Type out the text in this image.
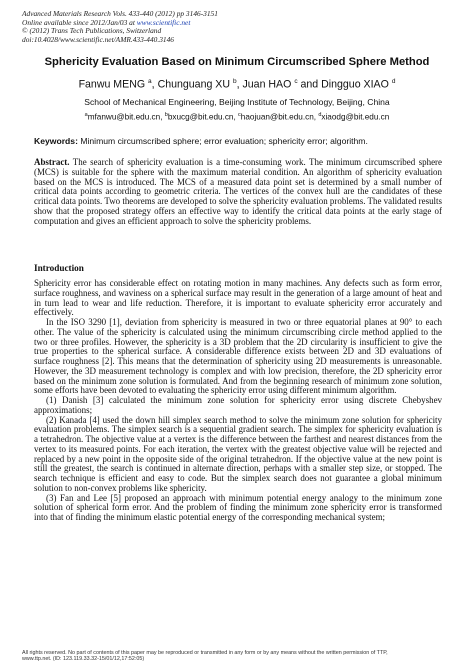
Advanced Materials Research Vols. 433-440 (2012) pp 3146-3151
Online available since 2012/Jan/03 at www.scientific.net
© (2012) Trans Tech Publications, Switzerland
doi:10.4028/www.scientific.net/AMR.433-440.3146
Sphericity Evaluation Based on Minimum Circumscribed Sphere Method
Fanwu MENG $^a$, Chunguang XU $^b$, Juan HAO $^c$ and Dingguo XIAO $^d$
School of Mechanical Engineering, Beijing Institute of Technology, Beijing, China
$^a$mfanwu@bit.edu.cn, $^b$bxucg@bit.edu.cn, $^c$haojuan@bit.edu.cn, $^d$xiaodg@bit.edu.cn
Keywords: Minimum circumscribed sphere; error evaluation; sphericity error; algorithm.
Abstract. The search of sphericity evaluation is a time-consuming work. The minimum circumscribed sphere (MCS) is suitable for the sphere with the maximum material condition. An algorithm of sphericity evaluation based on the MCS is introduced. The MCS of a measured data point set is determined by a small number of critical data points according to geometric criteria. The vertices of the convex hull are the candidates of these critical data points. Two theorems are developed to solve the sphericity evaluation problems. The validated results show that the proposed strategy offers an effective way to identify the critical data points at the early stage of computation and gives an efficient approach to solve the sphericity problems.
Introduction

Sphericity error has considerable effect on rotating motion in many machines. Any defects such as form error, surface roughness, and waviness on a spherical surface may result in the generation of a large amount of heat and in turn lead to wear and life reduction. Therefore, it is important to evaluate sphericity error accurately and effectively.

In the ISO 3290 [1], deviation from sphericity is measured in two or three equatorial planes at 90° to each other. The value of the sphericity is calculated using the minimum circumscribing circle method applied to the two or three profiles. However, the sphericity is a 3D problem that the 2D circularity is insufficient to give the true properties to the spherical surface. A considerable difference exists between 2D and 3D evaluations of surface roughness [2]. This means that the determination of sphericity using 2D measurements is unreasonable. However, the 3D measurement technology is complex and with low precision, therefore, the 2D sphericity error based on the minimum zone solution is formulated. And from the beginning research of minimum zone solution, some efforts have been devoted to evaluating the sphericity error using different minimum algorithm.

(1) Danish [3] calculated the minimum zone solution for sphericity error using discrete Chebyshev approximations;

(2) Kanada [4] used the down hill simplex search method to solve the minimum zone solution for sphericity evaluation problems. The simplex search is a sequential gradient search. The simplex for sphericity evaluation is a tetrahedron. The objective value at a vertex is the difference between the farthest and nearest distances from the vertex to its measured points. For each iteration, the vertex with the greatest objective value will be rejected and replaced by a new point in the opposite side of the original tetrahedron. If the objective value at the new point is still the greatest, the search is continued in alternate direction, perhaps with a smaller step size, or stopped. The search technique is efficient and easy to code. But the simplex search does not guarantee a global minimum solution to non-convex problems like sphericity.

(3) Fan and Lee [5] proposed an approach with minimum potential energy analogy to the minimum zone solution of spherical form error. And the problem of finding the minimum zone sphericity error is transformed into that of finding the minimum elastic potential energy of the corresponding mechanical system;

All rights reserved. No part of contents of this paper may be reproduced or transmitted in any form or by any means without the written permission of TTP,
www.ttp.net. (ID: 123.119.33.32-15/01/12,17:52:05)
